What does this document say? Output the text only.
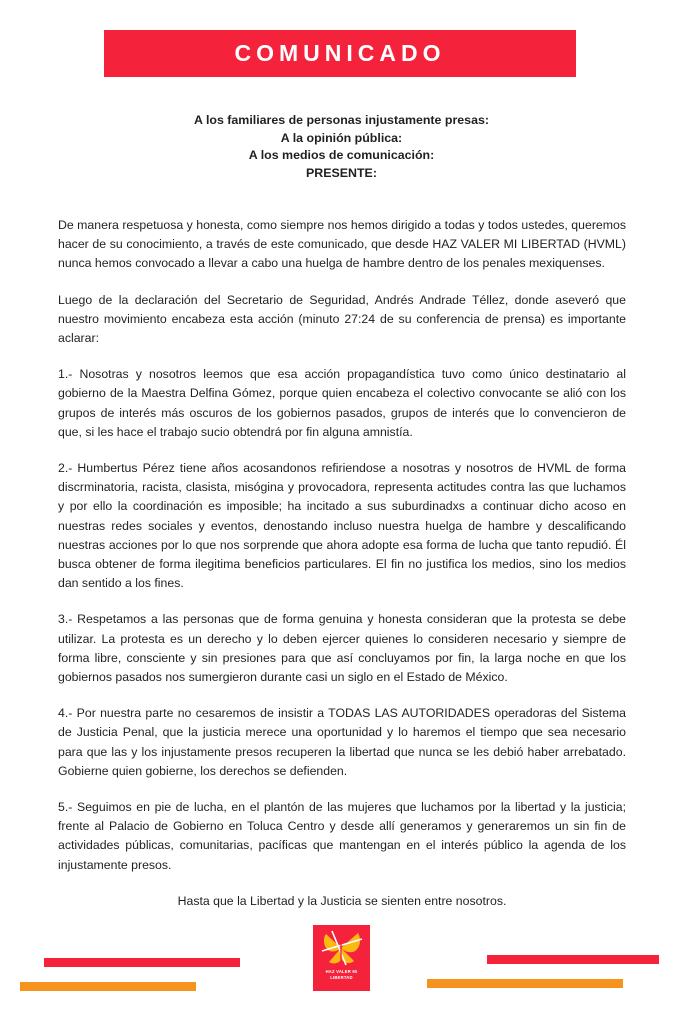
COMUNICADO
A los familiares de personas injustamente presas:
A la opinión pública:
A los medios de comunicación:
PRESENTE:

De manera respetuosa y honesta, como siempre nos hemos dirigido a todas y todos ustedes, queremos hacer de su conocimiento, a través de este comunicado, que desde HAZ VALER MI LIBERTAD (HVML) nunca hemos convocado a llevar a cabo una huelga de hambre dentro de los penales mexiquenses.

Luego de la declaración del Secretario de Seguridad, Andrés Andrade Téllez, donde aseveró que nuestro movimiento encabeza esta acción (minuto 27:24 de su conferencia de prensa) es importante aclarar:

1.- Nosotras y nosotros leemos que esa acción propagandística tuvo como único destinatario al gobierno de la Maestra Delfina Gómez, porque quien encabeza el colectivo convocante se alió con los grupos de interés más oscuros de los gobiernos pasados, grupos de interés que lo convencieron de que, si les hace el trabajo sucio obtendrá por fin alguna amnistía.

2.- Humbertus Pérez tiene años acosandonos refiriendose a nosotras y nosotros de HVML de forma discrminatoria, racista, clasista, misógina y provocadora, representa actitudes contra las que luchamos y por ello la coordinación es imposible; ha incitado a sus suburdinadxs a continuar dicho acoso en nuestras redes sociales y eventos, denostando incluso nuestra huelga de hambre y descalificando nuestras acciones por lo que nos sorprende que ahora adopte esa forma de lucha que tanto repudió. Él busca obtener de forma ilegitima beneficios particulares. El fin no justifica los medios, sino los medios dan sentido a los fines.

3.- Respetamos a las personas que de forma genuina y honesta consideran que la protesta se debe utilizar. La protesta es un derecho y lo deben ejercer quienes lo consideren necesario y siempre de forma libre, consciente y sin presiones para que así concluyamos por fin, la larga noche en que los gobiernos pasados nos sumergieron durante casi un siglo en el Estado de México.

4.- Por nuestra parte no cesaremos de insistir a TODAS LAS AUTORIDADES operadoras del Sistema de Justicia Penal, que la justicia merece una oportunidad y lo haremos el tiempo que sea necesario para que las y los injustamente presos recuperen la libertad que nunca se les debió haber arrebatado. Gobierne quien gobierne, los derechos se defienden.

5.- Seguimos en pie de lucha, en el plantón de las mujeres que luchamos por la libertad y la justicia; frente al Palacio de Gobierno en Toluca Centro y desde allí generamos y generaremos un sin fin de actividades públicas, comunitarias, pacíficas que mantengan en el interés público la agenda de los injustamente presos.

Hasta que la Libertad y la Justicia se sienten entre nosotros.

HAZ VALER MI
LIBERTAD
